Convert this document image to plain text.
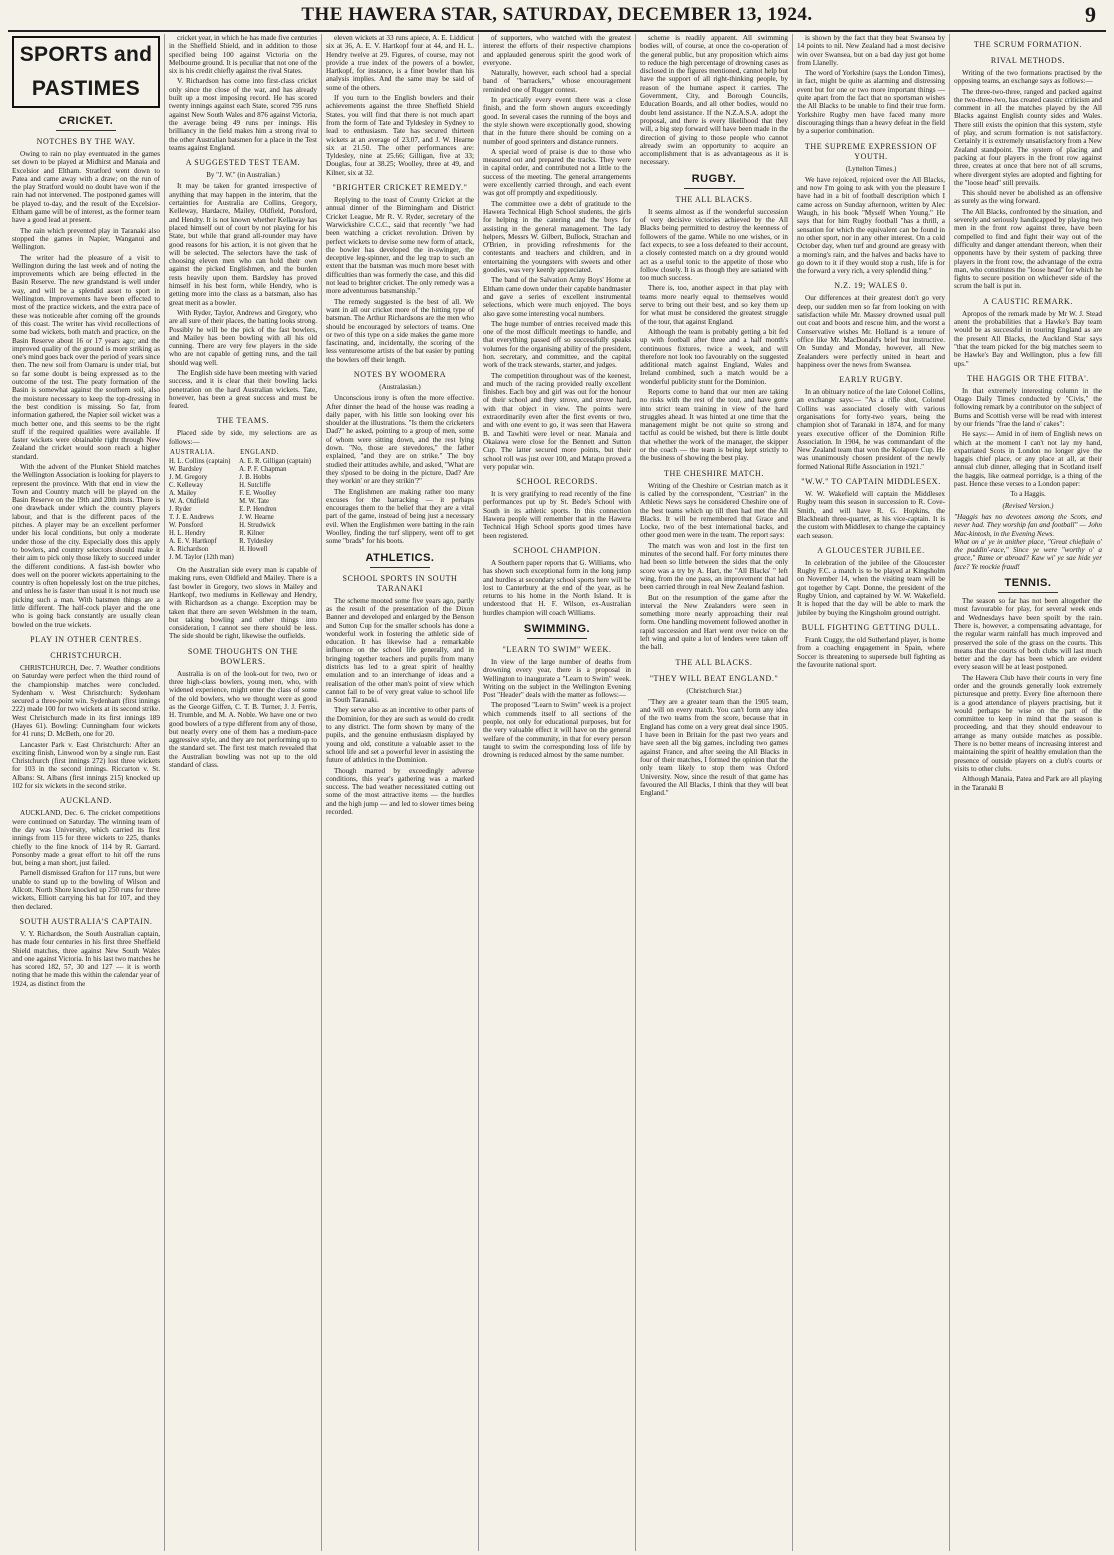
THE HAWERA STAR, SATURDAY, DECEMBER 13, 1924.	9
SPORTS and PASTIMES
CRICKET.
NOTCHES BY THE WAY.

Owing to rain no play eventuated in the games set down to be played at Midhirst and Manaia and Excelsior and Eltham. Stratford went down to Patea and came away with a draw; on the run of the play Stratford would no doubt have won if the rain had not intervened. The postponed games will be played to-day, and the result of the Excelsior-Eltham game will be of interest, as the former team have a good lead at present.

The rain which prevented play in Taranaki also stopped the games in Napier, Wanganui and Wellington.

The writer had the pleasure of a visit to Wellington during the last week and of noting the improvements which are being effected in the Basin Reserve. The new grandstand is well under way, and will be a splendid asset to sport in Wellington. Improvements have been effected to most of the practice wickets, and the extra pace of these was noticeable after coming off the grounds of this coast. The writer has vivid recollections of some bad wickets, both match and practice, on the Basin Reserve about 16 or 17 years ago; and the improved quality of the ground is more striking as one's mind goes back over the period of years since then. The new soil from Oamaru is under trial, but so far some doubt is being expressed as to the outcome of the test. The peaty formation of the Basin is somewhat against the southern soil, also the moisture necessary to keep the top-dressing in the best condition is missing. So far, from information gathered, the Napier soil wicket was a much better one, and this seems to be the right stuff if the required qualities were available. If faster wickets were obtainable right through New Zealand the cricket would soon reach a higher standard.

With the advent of the Plunket Shield matches the Wellington Association is looking for players to represent the province. With that end in view the Town and Country match will be played on the Basin Reserve on the 19th and 20th insts. There is one drawback under which the country players labour, and that is the different paces of the pitches. A player may be an excellent performer under his local conditions, but only a moderate under those of the city. Especially does this apply to bowlers, and country selectors should make it their aim to pick only those likely to succeed under the different conditions. A fast-ish bowler who does well on the poorer wickets appertaining to the country is often hopelessly lost on the true pitches, and unless he is faster than usual it is not much use picking such a man. With batsmen things are a little different. The half-cock player and the one who is going back constantly are usually clean bowled on the true wickets.

PLAY IN OTHER CENTRES.
CHRISTCHURCH.

CHRISTCHURCH, Dec. 7. Weather conditions on Saturday were perfect when the third round of the championship matches were concluded. Sydenham v. West Christchurch: Sydenham secured a three-point win. Sydenham (first innings 222) made 100 for two wickets at its second strike. West Christchurch made in its first innings 189 (Hayes 61). Bowling: Cunningham four wickets for 41 runs; D. McBeth, one for 20.

Lancaster Park v. East Christchurch: After an exciting finish, Linwood won by a single run. East Christchurch (first innings 272) lost three wickets for 103 in the second innings. Riccarton v. St. Albans: St. Albans (first innings 215) knocked up 102 for six wickets in the second strike.

AUCKLAND.

AUCKLAND, Dec. 6. The cricket competitions were continued on Saturday. The winning team of the day was University, which carried its first innings from 115 for three wickets to 225, thanks chiefly to the fine knock of 114 by R. Garrard. Ponsonby made a great effort to hit off the runs but, being a man short, just failed.

Parnell dismissed Grafton for 117 runs, but were unable to stand up to the bowling of Wilson and Allcott. North Shore knocked up 250 runs for three wickets, Elliott carrying his bat for 107, and they then declared.

SOUTH AUSTRALIA'S CAPTAIN.

V. Y. Richardson, the South Australian captain, has made four centuries in his first three Sheffield Shield matches, three against New South Wales and one against Victoria. In his last two matches he has scored 182, 57, 30 and 127 — it is worth noting that he made this within the calendar year of 1924, as distinct from the

cricket year, in which he has made five centuries in the Sheffield Shield, and in addition to those specified being 100 against Victoria on the Melbourne ground. It is peculiar that not one of the six is his credit chiefly against the rival States.

V. Richardson has come into first-class cricket only since the close of the war, and has already built up a most imposing record. He has scored twenty innings against each State, scored 795 runs against New South Wales and 876 against Victoria, the average being 49 runs per innings. His brilliancy in the field makes him a strong rival to the other Australian batsmen for a place in the Test teams against England.

A SUGGESTED TEST TEAM.
By "J. W." (in Australian.)

It may be taken for granted irrespective of anything that may happen in the interim, that the certainties for Australia are Collins, Gregory, Kelleway, Hardacre, Mailey, Oldfield, Ponsford, and Hendry. It is not known whether Kellaway has placed himself out of court by not playing for his State, but while that grand all-rounder may have good reasons for his action, it is not given that he will be selected. The selectors have the task of choosing eleven men who can hold their own against the picked Englishmen, and the burden rests heavily upon them. Bardsley has proved himself in his best form, while Hendry, who is getting more into the class as a batsman, also has great merit as a bowler.

With Ryder, Taylor, Andrews and Gregory, who are all sure of their places, the batting looks strong. Possibly he will be the pick of the fast bowlers, and Mailey has been bowling with all his old cunning. There are very few players in the side who are not capable of getting runs, and the tail should wag well.

The English side have been meeting with varied success, and it is clear that their bowling lacks penetration on the hard Australian wickets. Tate, however, has been a great success and must be feared.

THE TEAMS.

Placed side by side, my selections are as follows:—

AUSTRALIA.	ENGLAND.
H. L. Collins (captain)	A. E. R. Gilligan (captain)
W. Bardsley	A. P. F. Chapman
J. M. Gregory	J. B. Hobbs
C. Kelleway	H. Sutcliffe
A. Mailey	F. E. Woolley
W. A. Oldfield	M. W. Tate
J. Ryder	E. P. Hendren
T. J. E. Andrews	J. W. Hearne
W. Ponsford	H. Strudwick
H. L. Hendry	R. Kilner
A. E. V. Hartkopf	R. Tyldesley
A. Richardson	H. Howell
J. M. Taylor (12th man)	

On the Australian side every man is capable of making runs, even Oldfield and Mailey. There is a fast bowler in Gregory, two slows in Mailey and Hartkopf, two mediums in Kelleway and Hendry, with Richardson as a change. Exception may be taken that there are seven Welshmen in the team, but taking bowling and other things into consideration, I cannot see there should be less. The side should be right, likewise the outfields.

SOME THOUGHTS ON THE BOWLERS.

Australia is on of the look-out for two, two or three high-class bowlers, young men, who, with widened experience, might enter the class of some of the old bowlers, who we thought were as good as the George Giffen, C. T. B. Turner, J. J. Ferris, H. Trumble, and M. A. Noble. We have one or two good bowlers of a type different from any of those, but nearly every one of them has a medium-pace aggressive style, and they are not performing up to the standard set. The first test match revealed that the Australian bowling was not up to the old standard of class.

eleven wickets at 33 runs apiece, A. E. Liddicut six at 36, A. E. V. Hartkopf four at 44, and H. L. Hendry twelve at 29. Figures, of course, may not provide a true index of the powers of a bowler, Hartkopf, for instance, is a finer bowler than his analysis implies. And the same may be said of some of the others.

If you turn to the English bowlers and their achievements against the three Sheffield Shield States, you will find that there is not much apart from the form of Tate and Tyldesley in Sydney to lead to enthusiasm. Tate has secured thirteen wickets at an average of 23.07, and J. W. Hearne six at 21.50. The other performances are: Tyldesley, nine at 25.66; Gilligan, five at 33; Douglas, four at 38.25; Woolley, three at 49, and Kilner, six at 32.

"BRIGHTER CRICKET REMEDY."

Replying to the toast of County Cricket at the annual dinner of the Birmingham and District Cricket League, Mr R. V. Ryder, secretary of the Warwickshire C.C.C., said that recently "we had been watching a cricket revolution. Driven by perfect wickets to devise some new form of attack, the bowler has developed the in-swinger, the deceptive leg-spinner, and the leg trap to such an extent that the batsman was much more beset with difficulties than was formerly the case, and this did not lead to brighter cricket. The only remedy was a more adventurous batsmanship."

The remedy suggested is the best of all. We want in all our cricket more of the hitting type of batsman. The Arthur Richardsons are the men who should be encouraged by selectors of teams. One or two of this type on a side makes the game more fascinating, and, incidentally, the scoring of the less venturesome artists of the bat easier by putting the bowlers off their length.

NOTES BY WOOMERA
(Australasian.)

Unconscious irony is often the more effective. After dinner the head of the house was reading a daily paper, with his little son looking over his shoulder at the illustrations. "Is them the cricketers Dad?" he asked, pointing to a group of men, some of whom were sitting down, and the rest lying down. "No, those are stevedores," the father explained, "and they are on strike." The boy studied their attitudes awhile, and asked, "What are they s'posed to be doing in the picture, Dad? Are they workin' or are they strikin'?"

The Englishmen are making rather too many excuses for the barracking — it perhaps encourages them to the belief that they are a vital part of the game, instead of being just a necessary evil. When the Englishmen were batting in the rain Woolley, finding the turf slippery, went off to get some "brads" for his boots.

ATHLETICS.
SCHOOL SPORTS IN SOUTH TARANAKI

The scheme mooted some five years ago, partly as the result of the presentation of the Dixon Banner and developed and enlarged by the Benson and Sutton Cup for the smaller schools has done a wonderful work in fostering the athletic side of education. It has likewise had a remarkable influence on the school life generally, and in bringing together teachers and pupils from many districts has led to a great spirit of healthy emulation and to an interchange of ideas and a realisation of the other man's point of view which cannot fail to be of very great value to school life in South Taranaki.

They serve also as an incentive to other parts of the Dominion, for they are such as would do credit to any district. The form shown by many of the pupils, and the genuine enthusiasm displayed by young and old, constitute a valuable asset to the school life and set a powerful lever in assisting the future of athletics in the Dominion.

Though marred by exceedingly adverse conditions, this year's gathering was a marked success. The bad weather necessitated cutting out some of the most attractive items — the hurdles and the high jump — and led to slower times being recorded.

of supporters, who watched with the greatest interest the efforts of their respective champions and applauded generous spirit the good work of everyone.

Naturally, however, each school had a special band of "barrackers," whose encouragement reminded one of Rugger contest.

In practically every event there was a close finish, and the form shown augurs exceedingly good. In several cases the running of the boys and the style shown were exceptionally good, showing that in the future there should be coming on a number of good sprinters and distance runners.

A special word of praise is due to those who measured out and prepared the tracks. They were in capital order, and contributed not a little to the success of the meeting. The general arrangements were excellently carried through, and each event was got off promptly and expeditiously.

The committee owe a debt of gratitude to the Hawera Technical High School students, the girls for helping in the catering and the boys for assisting in the general management. The lady helpers, Messrs W. Gilbert, Bullock, Strachan and O'Brien, in providing refreshments for the contestants and teachers and children, and in entertaining the youngsters with sweets and other goodies, was very keenly appreciated.

The band of the Salvation Army Boys' Home at Eltham came down under their capable bandmaster and gave a series of excellent instrumental selections, which were much enjoyed. The boys also gave some interesting vocal numbers.

The huge number of entries received made this one of the most difficult meetings to handle, and that everything passed off so successfully speaks volumes for the organising ability of the president, hon. secretary, and committee, and the capital work of the track stewards, starter, and judges.

The competition throughout was of the keenest, and much of the racing provided really excellent finishes. Each boy and girl was out for the honour of their school and they strove, and strove hard, with that object in view. The points were extraordinarily even after the first events or two, and with one event to go, it was seen that Hawera B. and Tawhiti were level or near. Manaia and Okaiawa were close for the Bennett and Sutton Cup. The latter secured more points, but their school roll was just over 100, and Matapu proved a very popular win.

SCHOOL RECORDS.

It is very gratifying to read recently of the fine performances put up by St. Bede's School with South in its athletic sports. In this connection Hawera people will remember that in the Hawera Technical High School sports good times have been registered.

SCHOOL CHAMPION.

A Southern paper reports that G. Williams, who has shown such exceptional form in the long jump and hurdles at secondary school sports here will be lost to Canterbury at the end of the year, as he returns to his home in the North Island. It is understood that H. F. Wilson, ex-Australian hurdles champion will coach Williams.

SWIMMING.
"LEARN TO SWIM" WEEK.

In view of the large number of deaths from drowning every year, there is a proposal in Wellington to inaugurate a "Learn to Swim" week. Writing on the subject in the Wellington Evening Post "Header" deals with the matter as follows:—

The proposed "Learn to Swim" week is a project which commends itself to all sections of the people, not only for educational purposes, but for the very valuable effect it will have on the general welfare of the community, in that for every person taught to swim the corresponding loss of life by drowning is reduced almost by the same number.

scheme is readily apparent. All swimming bodies will, of course, at once the co-operation of the general public, but any proposition which aims to reduce the high percentage of drowning cases as disclosed in the figures mentioned, cannot help but have the support of all right-thinking people, by reason of the humane aspect it carries. The Government, City, and Borough Councils, Education Boards, and all other bodies, would no doubt lend assistance. If the N.Z.A.S.A. adopt the proposal, and there is every likelihood that they will, a big step forward will have been made in the direction of giving to those people who cannot already swim an opportunity to acquire an accomplishment that is as advantageous as it is necessary.

RUGBY.
THE ALL BLACKS.

It seems almost as if the wonderful succession of very decisive victories achieved by the All Blacks being permitted to destroy the keenness of followers of the game. While no one wishes, or in fact expects, to see a loss defeated to their account, a closely contested match on a dry ground would act as a useful tonic to the appetite of those who follow closely. It is as though they are satiated with too much success.

There is, too, another aspect in that play with teams more nearly equal to themselves would serve to bring out their best, and so key them up for what must be considered the greatest struggle of the tour, that against England.

Although the team is probably getting a bit fed up with football after three and a half month's continuous fixtures, twice a week, and will therefore not look too favourably on the suggested additional match against England, Wales and Ireland combined, such a match would be a wonderful publicity stunt for the Dominion.

Reports come to hand that our men are taking no risks with the rest of the tour, and have gone into strict team training in view of the hard struggles ahead. It was hinted at one time that the management might be not quite so strong and tactful as could be wished, but there is little doubt that whether the work of the manager, the skipper or the coach — the team is being kept strictly to the business of showing the best play.

THE CHESHIRE MATCH.

Writing of the Cheshire or Cestrian match as it is called by the correspondent, "Cestrian" in the Athletic News says he considered Cheshire one of the best teams which up till then had met the All Blacks. It will be remembered that Grace and Locke, two of the best international backs, and other good men were in the team. The report says:

The match was won and lost in the first ten minutes of the second half. For forty minutes there had been so little between the sides that the only score was a try by A. Hart, the "All Blacks' " left wing, from the one pass, an improvement that had been carried through in real New Zealand fashion.

But on the resumption of the game after the interval the New Zealanders were seen in something more nearly approaching their real form. One handling movement followed another in rapid succession and Hart went over twice on the left wing and quite a lot of lenders were taken off the ball.

THE ALL BLACKS.
"THEY WILL BEAT ENGLAND."
(Christchurch Star.)

"They are a greater team than the 1905 team, and will on every match. You can't form any idea of the two teams from the score, because that in England has come on a very great deal since 1905. I have been in Britain for the past two years and have seen all the big games, including two games against France, and after seeing the All Blacks in four of their matches, I formed the opinion that the only team likely to stop them was Oxford University. Now, since the result of that game has favoured the All Blacks, I think that they will beat England."

is shown by the fact that they beat Swansea by 14 points to nil. New Zealand had a most decisive win over Swansea, but on a bad day just got home from Llanelly.

The word of Yorkshire (says the London Times), in fact, might be quite as alarming and distressing event but for one or two more important things — quite apart from the fact that no sportsman wishes the All Blacks to be unable to find their true form. Yorkshire Rugby men have faced many more discouraging things than a heavy defeat in the field by a superior combination.

THE SUPREME EXPRESSION OF YOUTH.
(Lyttelton Times.)

We have rejoiced, rejoiced over the All Blacks, and now I'm going to ask with you the pleasure I have had in a bit of football description which I came across on Sunday afternoon, written by Alec Waugh, in his book "Myself When Young." He says that for him Rugby football "has a thrill, a sensation for which the equivalent can be found in no other sport, nor in any other interest. On a cold October day, when turf and ground are greasy with a morning's rain, and the halves and backs have to go down to it if they would stop a rush, life is for the forward a very rich, a very splendid thing."

N.Z. 19; WALES 0.

Our differences at their greatest don't go very deep, our sudden men so far from looking on with satisfaction while Mr. Massey drowned usual pull out coat and boots and rescue him, and the worst a Conservative wishes Mr. Holland is a tenure of office like Mr. MacDonald's brief but instructive. On Sunday and Monday, however, all New Zealanders were perfectly united in heart and happiness over the news from Swansea.

EARLY RUGBY.

In an obituary notice of the late Colonel Collins, an exchange says:— "As a rifle shot, Colonel Collins was associated closely with various organisations for forty-two years, being the champion shot of Taranaki in 1874, and for many years executive officer of the Dominion Rifle Association. In 1904, he was commandant of the New Zealand team that won the Kolapore Cup. He was unanimously chosen president of the newly formed National Rifle Association in 1921."

"W.W." TO CAPTAIN MIDDLESEX.

W. W. Wakefield will captain the Middlesex Rugby team this season in succession to R. Cove-Smith, and will have R. G. Hopkins, the Blackheath three-quarter, as his vice-captain. It is the custom with Middlesex to change the captaincy each season.

A GLOUCESTER JUBILEE.

In celebration of the jubilee of the Gloucester Rugby F.C. a match is to be played at Kingsholm on November 14, when the visiting team will be got together by Capt. Donne, the president of the Rugby Union, and captained by W. W. Wakefield. It is hoped that the day will be able to mark the jubilee by buying the Kingsholm ground outright.

BULL FIGHTING GETTING DULL.

Frank Cuggy, the old Sutherland player, is home from a coaching engagement in Spain, where Soccer is threatening to supersede bull fighting as the favourite national sport.

THE SCRUM FORMATION.
RIVAL METHODS.

Writing of the two formations practised by the opposing teams, an exchange says as follows:—

The three-two-three, ranged and packed against the two-three-two, has created caustic criticism and comment in all the matches played by the All Blacks against English county sides and Wales. There still exists the opinion that this system, style of play, and scrum formation is not satisfactory. Certainly it is extremely unsatisfactory from a New Zealand standpoint. The system of placing and packing at four players in the front row against three, creates at once that here not of all scrums, where divergent styles are adopted and fighting for the "loose head" still prevails.

This should never be abolished as an offensive as surely as the wing forward.

The All Blacks, confronted by the situation, and severely and seriously handicapped by playing two men in the front row against three, have been compelled to find and fight their way out of the difficulty and danger attendant thereon, when their opponents have by their system of packing three players in the front row, the advantage of the extra man, who constitutes the "loose head" for which he fights to secure position on whichever side of the scrum the ball is put in.

A CAUSTIC REMARK.

Apropos of the remark made by Mr W. J. Stead anent the probabilities that a Hawke's Bay team would be as successful in touring England as are the present All Blacks, the Auckland Star says "that the team picked for the big matches seem to be Hawke's Bay and Wellington, plus a few fill ups."

THE HAGGIS OR THE FITBA'.

In that extremely interesting column in the Otago Daily Times conducted by "Civis," the following remark by a contributor on the subject of Burns and Scottish verse will be read with interest by our friends "frae the land o' cakes":

He says:— Amid in of item of English news on which at the moment I can't not lay my hand, expatriated Scots in London no longer give the haggis chief place, or any place at all, at their annual club dinner, alleging that in Scotland itself the haggis, like oatmeal porridge, is a thing of the past. Hence these verses to a London paper:

To a Haggis.
(Revised Version.)

"Haggis has no devotees among the Scots, and never had. They worship fan and football" — John Mac-kintosh, in the Evening News.
What on a' ye in anither place, "Great chieftain o' the puddin'-race," Since ye were "worthy o' a grace," Rame or abroad? Kaw wi' ye sae hide yer face? Ye mockie fraud!

TENNIS.

The season so far has not been altogether the most favourable for play, for several week ends and Wednesdays have been spoilt by the rain. There is, however, a compensating advantage, for the regular warm rainfall has much improved and preserved the sole of the grass on the courts. This means that the courts of both clubs will last much better and the day has been which are evident every season will be at least postponed.

The Hawera Club have their courts in very fine order and the grounds generally look extremely picturesque and pretty. Every fine afternoon there is a good attendance of players practising, but it would perhaps be wise on the part of the committee to keep in mind that the season is proceeding, and that they should endeavour to arrange as many outside matches as possible. There is no better means of increasing interest and maintaining the spirit of healthy emulation than the presence of outside players on a club's courts or visits to other clubs.

Although Manaia, Patea and Park are all playing in the Taranaki B
